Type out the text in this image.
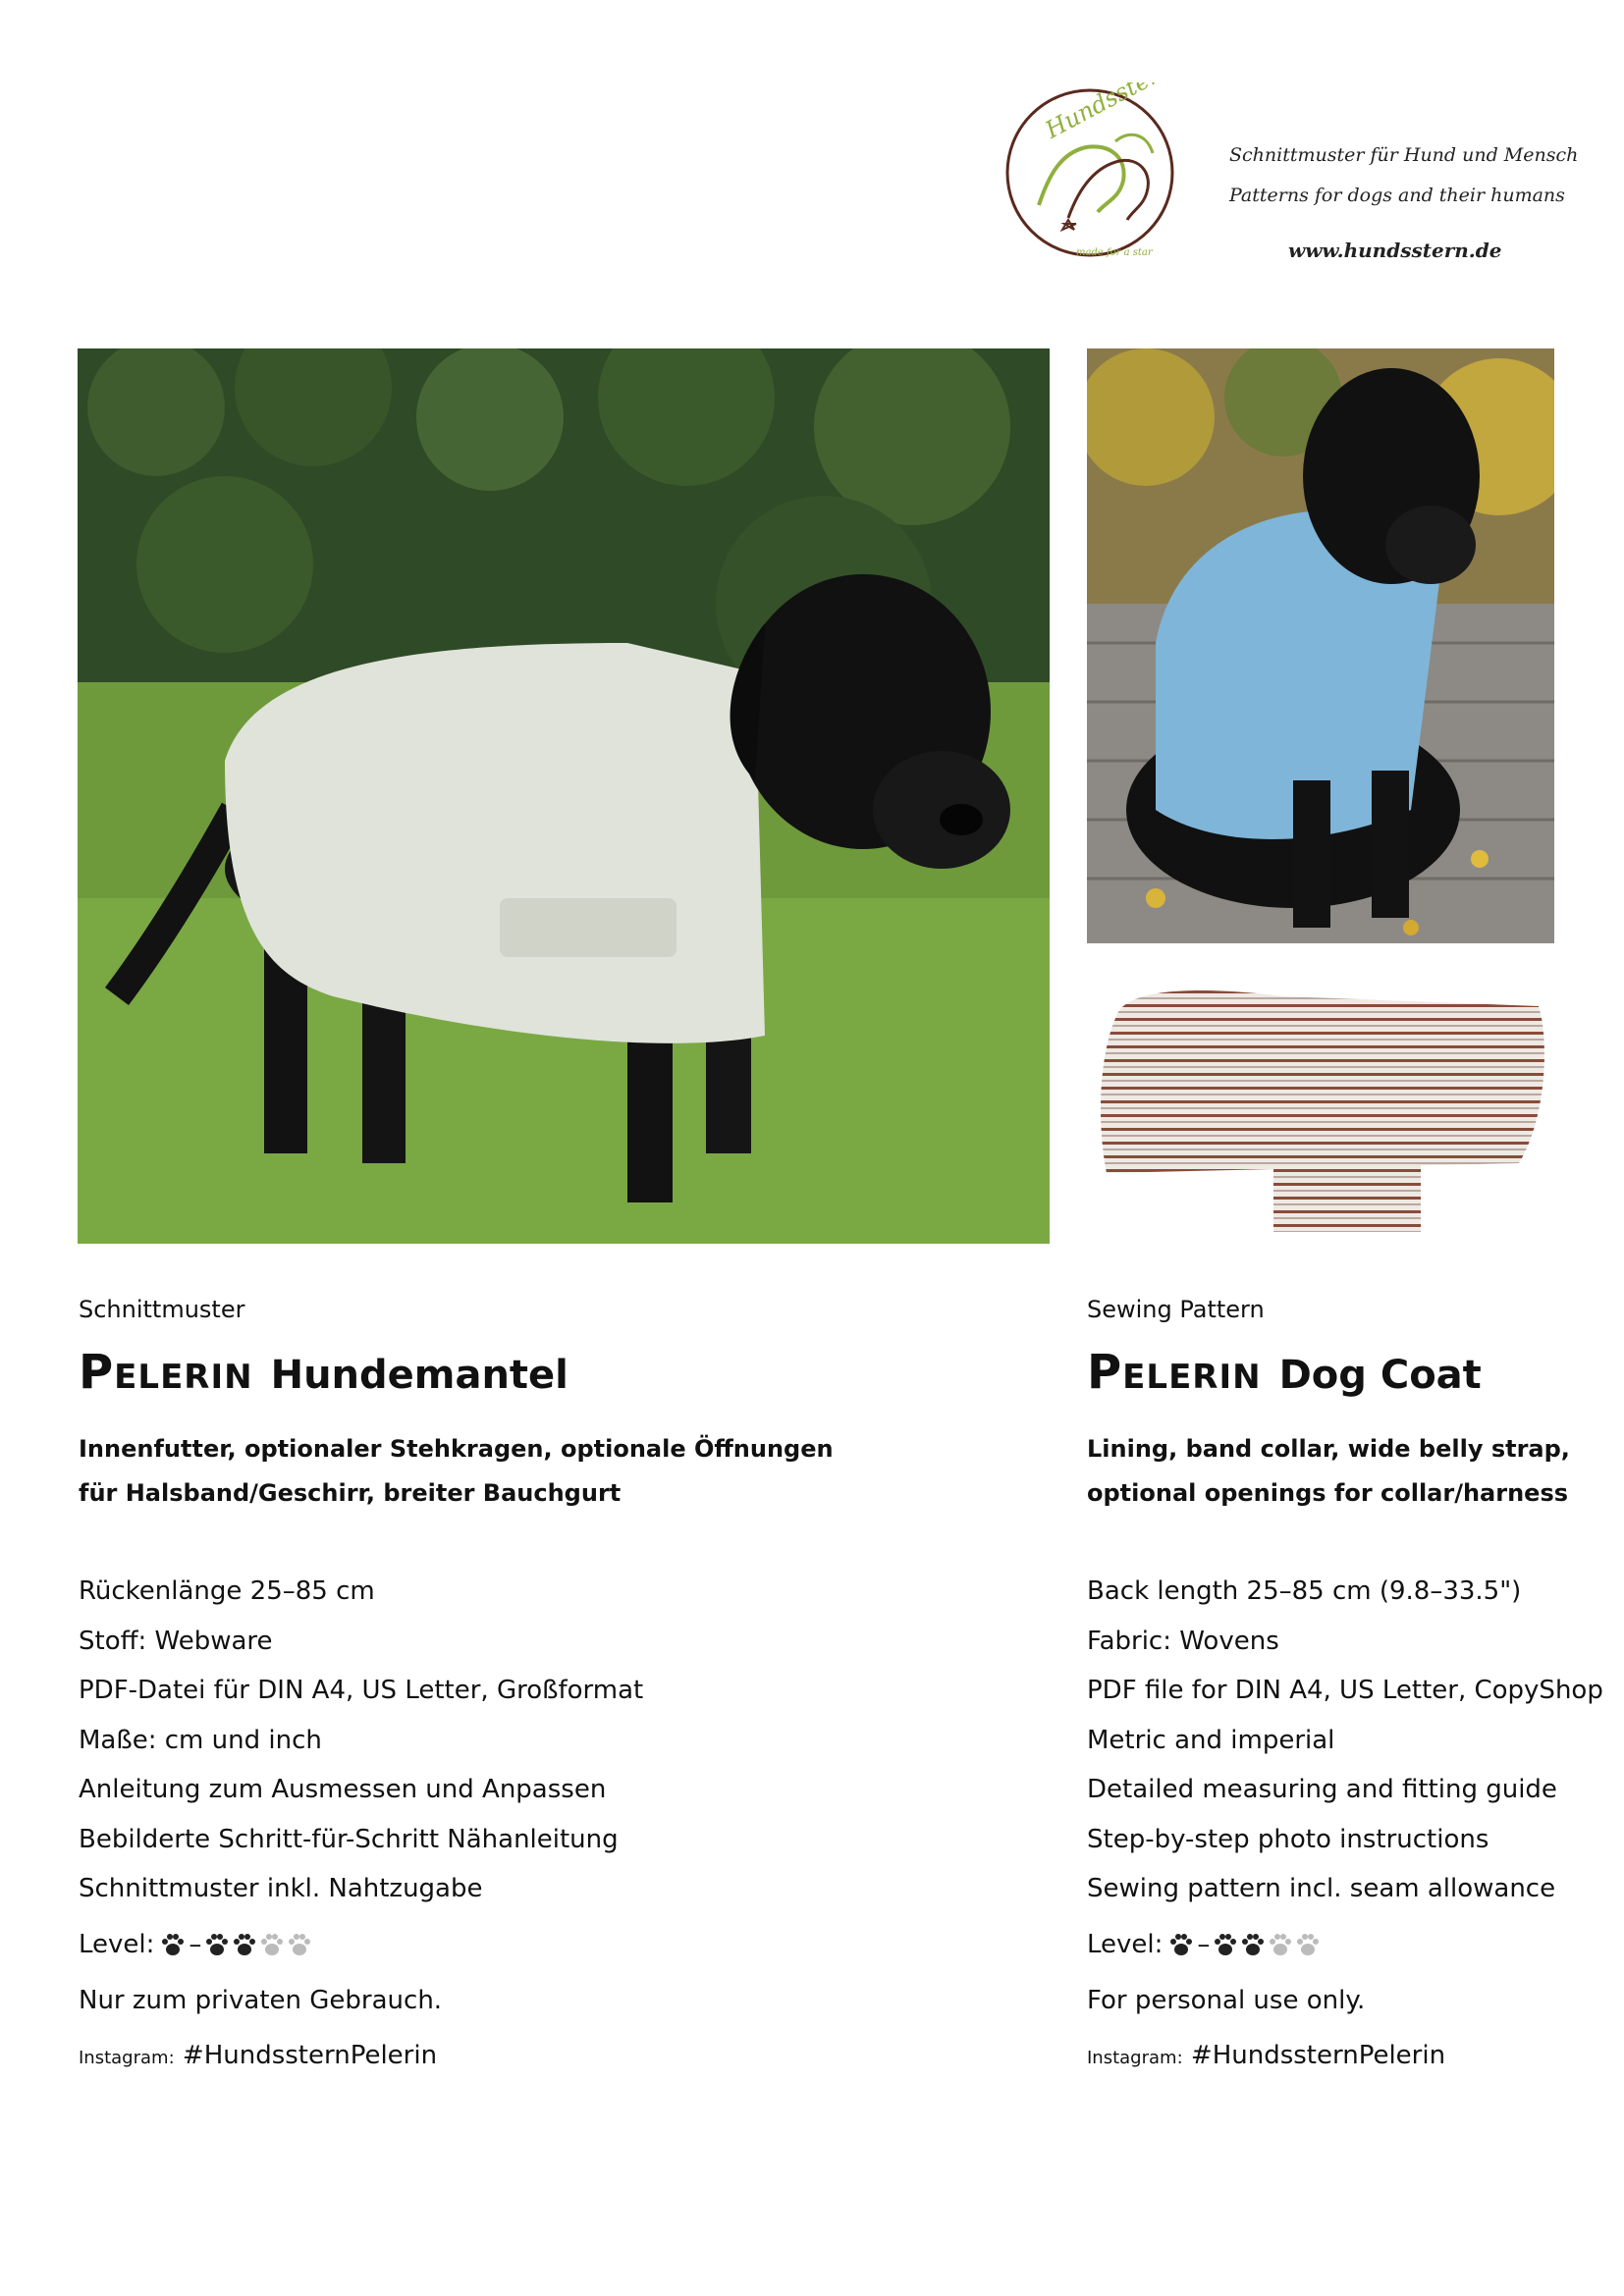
Hundsstern
made for a star
Schnittmuster für Hund und Mensch
Patterns for dogs and their humans
www.hundsstern.de
Schnittmuster
Pelerin Hundemantel

Innenfutter, optionaler Stehkragen, optionale Öffnungen

für Halsband/Geschirr, breiter Bauchgurt

Rückenlänge 25–85 cm
Stoff: Webware
PDF-Datei für DIN A4, US Letter, Großformat
Maße: cm und inch
Anleitung zum Ausmessen und Anpassen
Bebilderte Schritt-für-Schritt Nähanleitung
Schnittmuster inkl. Nahtzugabe
Level: –
Nur zum privaten Gebrauch.
Instagram: #HundssternPelerin
Sewing Pattern
Pelerin Dog Coat

Lining, band collar, wide belly strap,

optional openings for collar/harness

Back length 25–85 cm (9.8–33.5")
Fabric: Wovens
PDF file for DIN A4, US Letter, CopyShop
Metric and imperial
Detailed measuring and fitting guide
Step-by-step photo instructions
Sewing pattern incl. seam allowance
Level: –
For personal use only.
Instagram: #HundssternPelerin
